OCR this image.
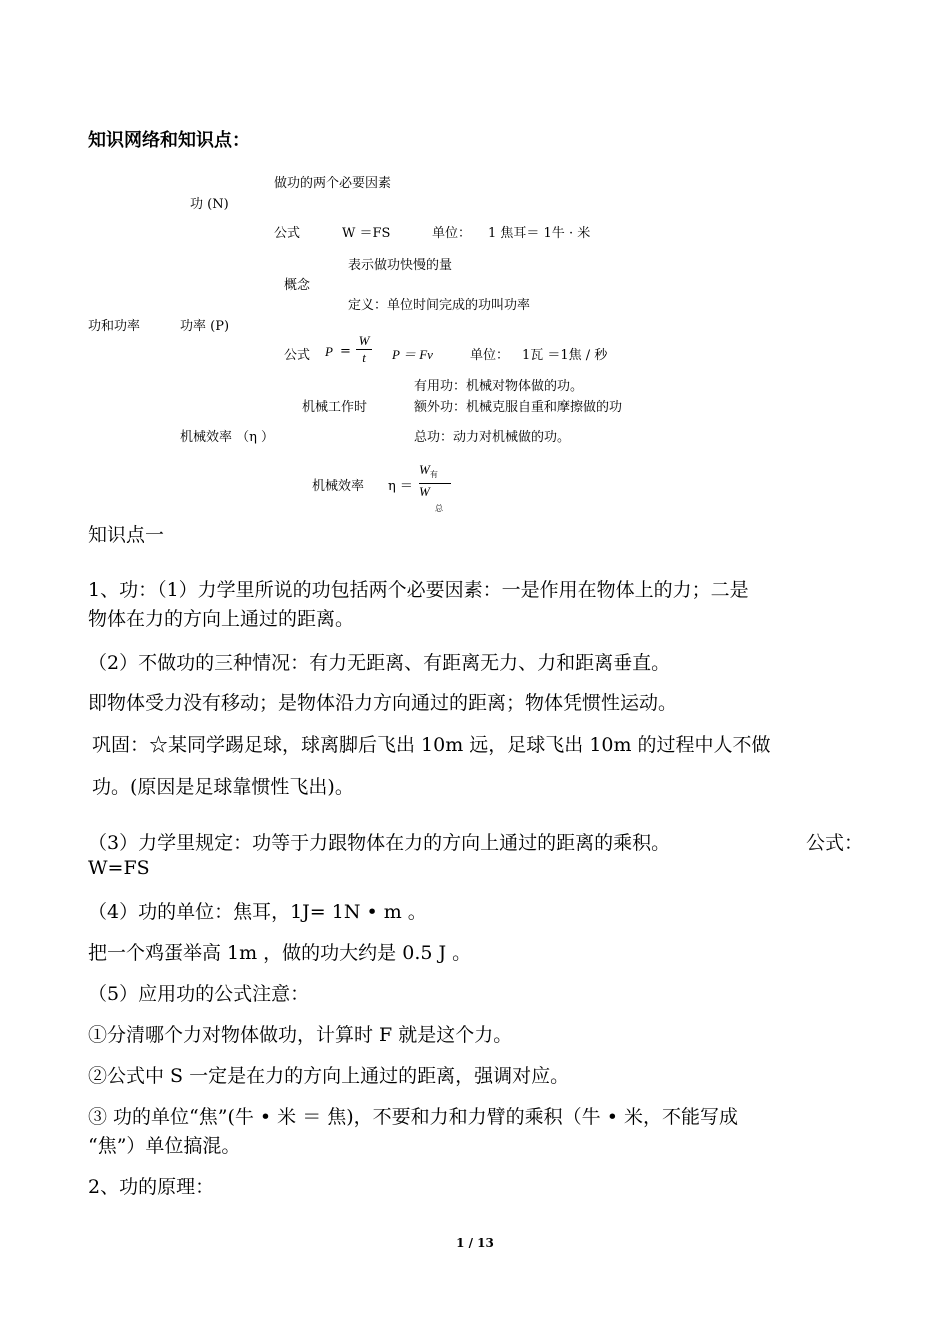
知识网络和知识点：
做功的两个必要因素
功 (N)
公式	W ＝FS	单位： 1 焦耳＝ 1牛 · 米
表示做功快慢的量
概念
定义：单位时间完成的功叫功率
功和功率	功率 (P)
公式 P =
W
t	P ＝ Fv	单位： 1瓦 ＝1焦 / 秒
有用功：机械对物体做的功。
机械工作时	额外功：机械克服自重和摩擦做的功
机械效率 （η ）	总功：动力对机械做的功。
机械效率 η ＝
$W_有$
W
总
知识点一
1、功：（1）力学里所说的功包括两个必要因素：一是作用在物体上的力；二是
物体在力的方向上通过的距离。
（2）不做功的三种情况：有力无距离、有距离无力、力和距离垂直。
即物体受力没有移动；是物体沿力方向通过的距离；物体凭惯性运动。
巩固：☆某同学踢足球，球离脚后飞出 10m 远，足球飞出 10m 的过程中人不做
功。(原因是足球靠惯性飞出)。
（3）力学里规定：功等于力跟物体在力的方向上通过的距离的乘积。	公式：
W=FS
（4）功的单位：焦耳，1J= 1N • m 。
把一个鸡蛋举高 1m ，做的功大约是 0.5 J 。
（5）应用功的公式注意：
①分清哪个力对物体做功，计算时 F 就是这个力。
②公式中 S 一定是在力的方向上通过的距离，强调对应。
③ 功的单位“焦”(牛 • 米 ＝ 焦)，不要和力和力臂的乘积（牛 • 米，不能写成
“焦”）单位搞混。
2、功的原理：
1 / 13
